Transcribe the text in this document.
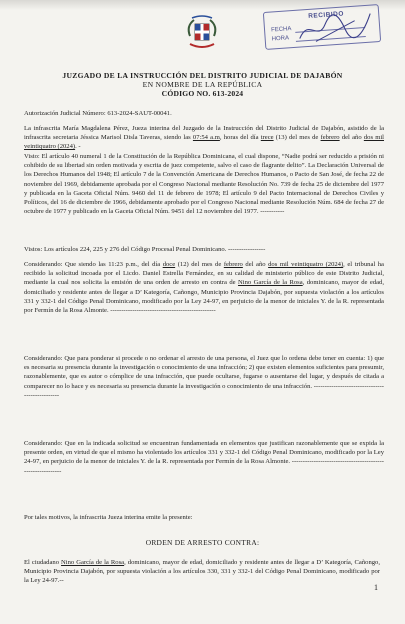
RECIBIDO
FECHA
HORA
JUZGADO DE LA INSTRUCCIÓN DEL DISTRITO JUDICIAL DE DAJABÓN
EN NOMBRE DE LA REPÚBLICA
CÓDIGO NO. 613-2024

Autorización Judicial Número: 613-2024-SAUT-00041.

La infrascrita María Magdalena Pérez, Jueza interina del Juzgado de la Instrucción del Distrito Judicial de Dajabón, asistido de la infrascrita secretaria Jéssica Marisol Disla Taveras, siendo las 07:54 a.m, horas del día trece (13) del mes de febrero del año dos mil veintiquatro (2024). -

Visto: El artículo 40 numeral 1 de la Constitución de la República Dominicana, el cual dispone, “Nadie podrá ser reducido a prisión ni cohibido de su libertad sin orden motivada y escrita de juez competente, salvo el caso de flagrante delito”. La Declaración Universal de los Derechos Humanos del 1948; El artículo 7 de la Convención Americana de Derechos Humanos, o Pacto de San José, de fecha 22 de noviembre del 1969, debidamente aprobada por el Congreso Nacional mediante Resolución No. 739 de fecha 25 de diciembre del 1977 y publicada en la Gaceta Oficial Núm. 9460 del 11 de febrero de 1978; El artículo 9 del Pacto Internacional de Derechos Civiles y Políticos, del 16 de diciembre de 1966, debidamente aprobado por el Congreso Nacional mediante Resolución Núm. 684 de fecha 27 de octubre de 1977 y publicado en la Gaceta Oficial Núm. 9451 del 12 noviembre del 1977. -----------

Vistos: Los artículos 224, 225 y 276 del Código Procesal Penal Dominicano. -----------------

Considerando: Que siendo las 11:23 p.m., del día doce (12) del mes de febrero del año dos mil veintiquatro (2024), el tribunal ha recibido la solicitud incoada por el Licdo. Daniel Estrella Fernández, en su calidad de ministerio público de este Distrito Judicial, mediante la cual nos solicita la emisión de una orden de arresto en contra de Nino García de la Rosa, dominicano, mayor de edad, domiciliado y residente antes de llegar a D’ Kategoría, Cañongo, Municipio Provincia Dajabón, por supuesta violación a los artículos 331 y 332-1 del Código Penal Dominicano, modificado por la Ley 24-97, en perjuicio de la menor de iniciales Y. de la R. representada por Fermín de la Rosa Almonte. ------------------------------------------------

Considerando: Que para ponderar si procede o no ordenar el arresto de una persona, el Juez que lo ordena debe tener en cuenta: 1) que es necesaria su presencia durante la investigación o conocimiento de una infracción; 2) que existen elementos suficientes para presumir, razonablemente, que es autor o cómplice de una infracción, que puede ocultarse, fugarse o ausentarse del lugar, y después de citada a comparecer no lo hace y es necesaria su presencia durante la investigación o conocimiento de una infracción. ------------------------------------------------

Considerando: Que en la indicada solicitud se encuentran fundamentada en elementos que justifican razonablemente que se expida la presente orden, en virtud de que el mismo ha violentado los artículos 331 y 332-1 del Código Penal Dominicano, modificado por la Ley 24-97, en perjuicio de la menor de iniciales Y. de la R. representada por Fermín de la Rosa Almonte. -----------------------------------------------------------

Por tales motivos, la infrascrita Jueza interina emite la presente:

ORDEN DE ARRESTO CONTRA:

El ciudadano Nino García de la Rosa, dominicano, mayor de edad, domiciliado y residente antes de llegar a D’ Kategoría, Cañongo, Municipio Provincia Dajabón, por supuesta violación a los artículos 330, 331 y 332-1 del Código Penal Dominicano, modificado por la Ley 24-97.--

1
